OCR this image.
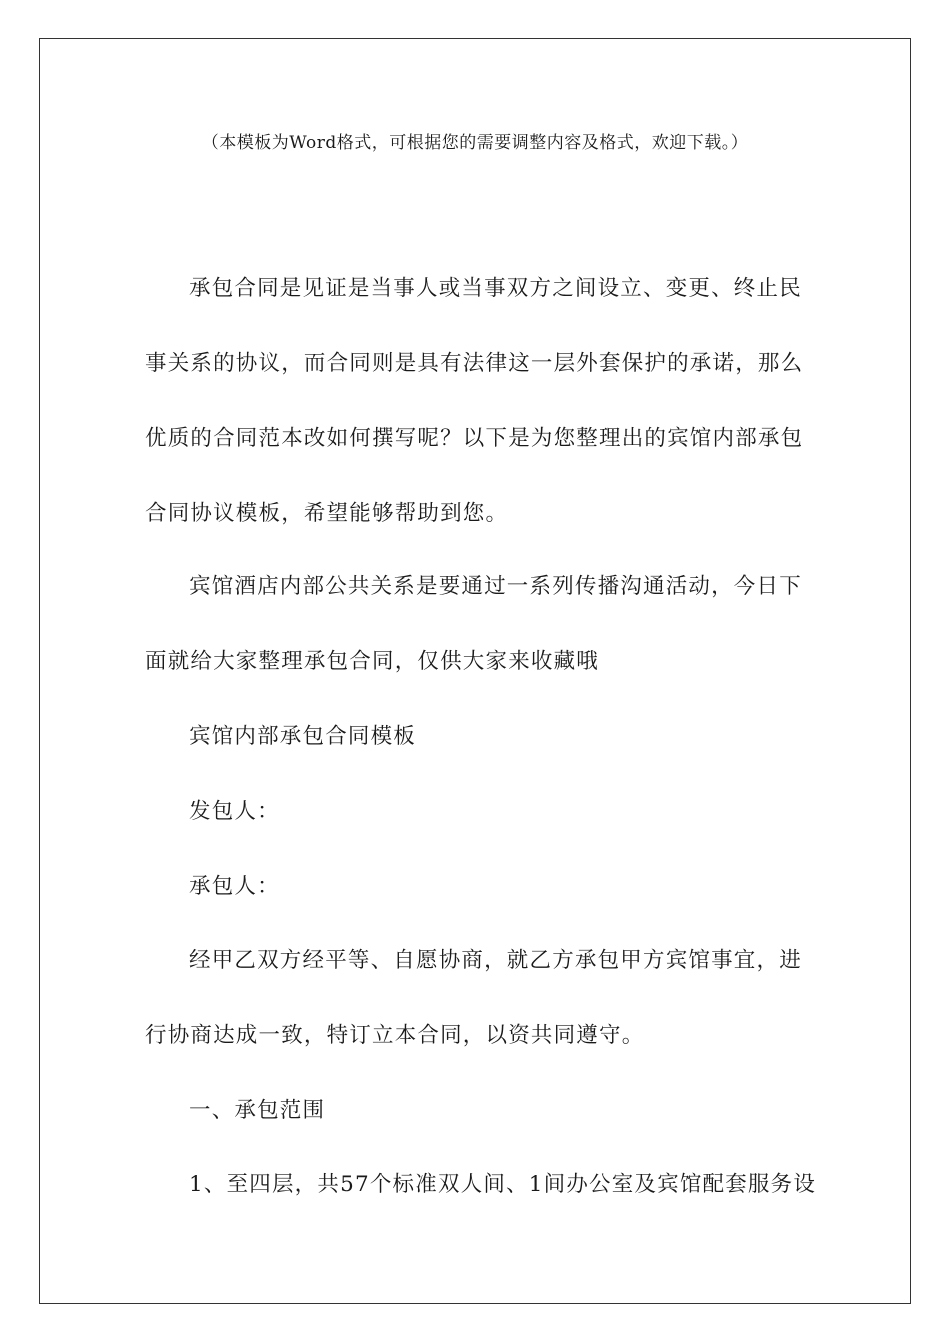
（本模板为Word格式，可根据您的需要调整内容及格式，欢迎下载。）
承包合同是见证是当事人或当事双方之间设立、变更、终止民
事关系的协议，而合同则是具有法律这一层外套保护的承诺，那么
优质的合同范本改如何撰写呢？以下是为您整理出的宾馆内部承包
合同协议模板，希望能够帮助到您。
宾馆酒店内部公共关系是要通过一系列传播沟通活动，今日下
面就给大家整理承包合同，仅供大家来收藏哦
宾馆内部承包合同模板
发包人：
承包人：
经甲乙双方经平等、自愿协商，就乙方承包甲方宾馆事宜，进
行协商达成一致，特订立本合同，以资共同遵守。
一、承包范围
1、至四层，共57个标准双人间、1间办公室及宾馆配套服务设
